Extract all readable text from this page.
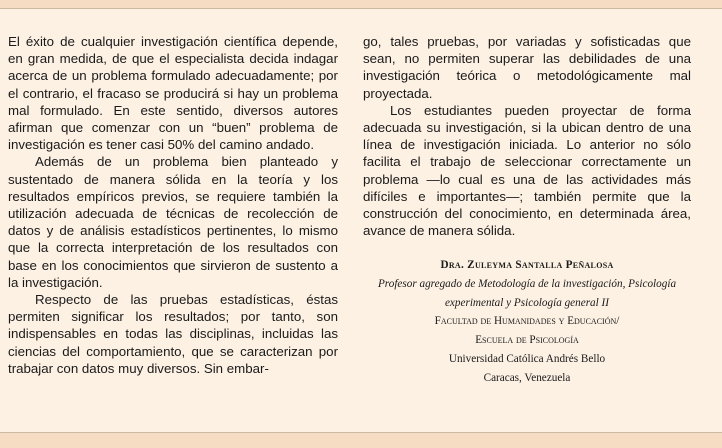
El éxito de cualquier investigación científica depende, en gran medida, de que el especialista decida indagar acerca de un problema formulado adecuadamente; por el contrario, el fracaso se producirá si hay un problema mal formulado. En este sentido, diversos autores afirman que comenzar con un “buen” problema de investigación es tener casi 50% del camino andado.

Además de un problema bien planteado y sustentado de manera sólida en la teoría y los resultados empíricos previos, se requiere también la utilización adecuada de técnicas de recolección de datos y de análisis estadísticos pertinentes, lo mismo que la correcta interpretación de los resultados con base en los conocimientos que sirvieron de sustento a la investigación.

Respecto de las pruebas estadísticas, éstas permiten significar los resultados; por tanto, son indispensables en todas las disciplinas, incluidas las ciencias del comportamiento, que se caracterizan por trabajar con datos muy diversos. Sin embar-

go, tales pruebas, por variadas y sofisticadas que sean, no permiten superar las debilidades de una investigación teórica o metodológicamente mal proyectada.

Los estudiantes pueden proyectar de forma adecuada su investigación, si la ubican dentro de una línea de investigación iniciada. Lo anterior no sólo facilita el trabajo de seleccionar correctamente un problema —lo cual es una de las actividades más difíciles e importantes—; también permite que la construcción del conocimiento, en determinada área, avance de manera sólida.

Dra. Zuleyma Santalla Peñalosa
Profesor agregado de Metodología de la investigación, Psicología
experimental y Psicología general II
Facultad de Humanidades y Educación/
Escuela de Psicología
Universidad Católica Andrés Bello
Caracas, Venezuela
